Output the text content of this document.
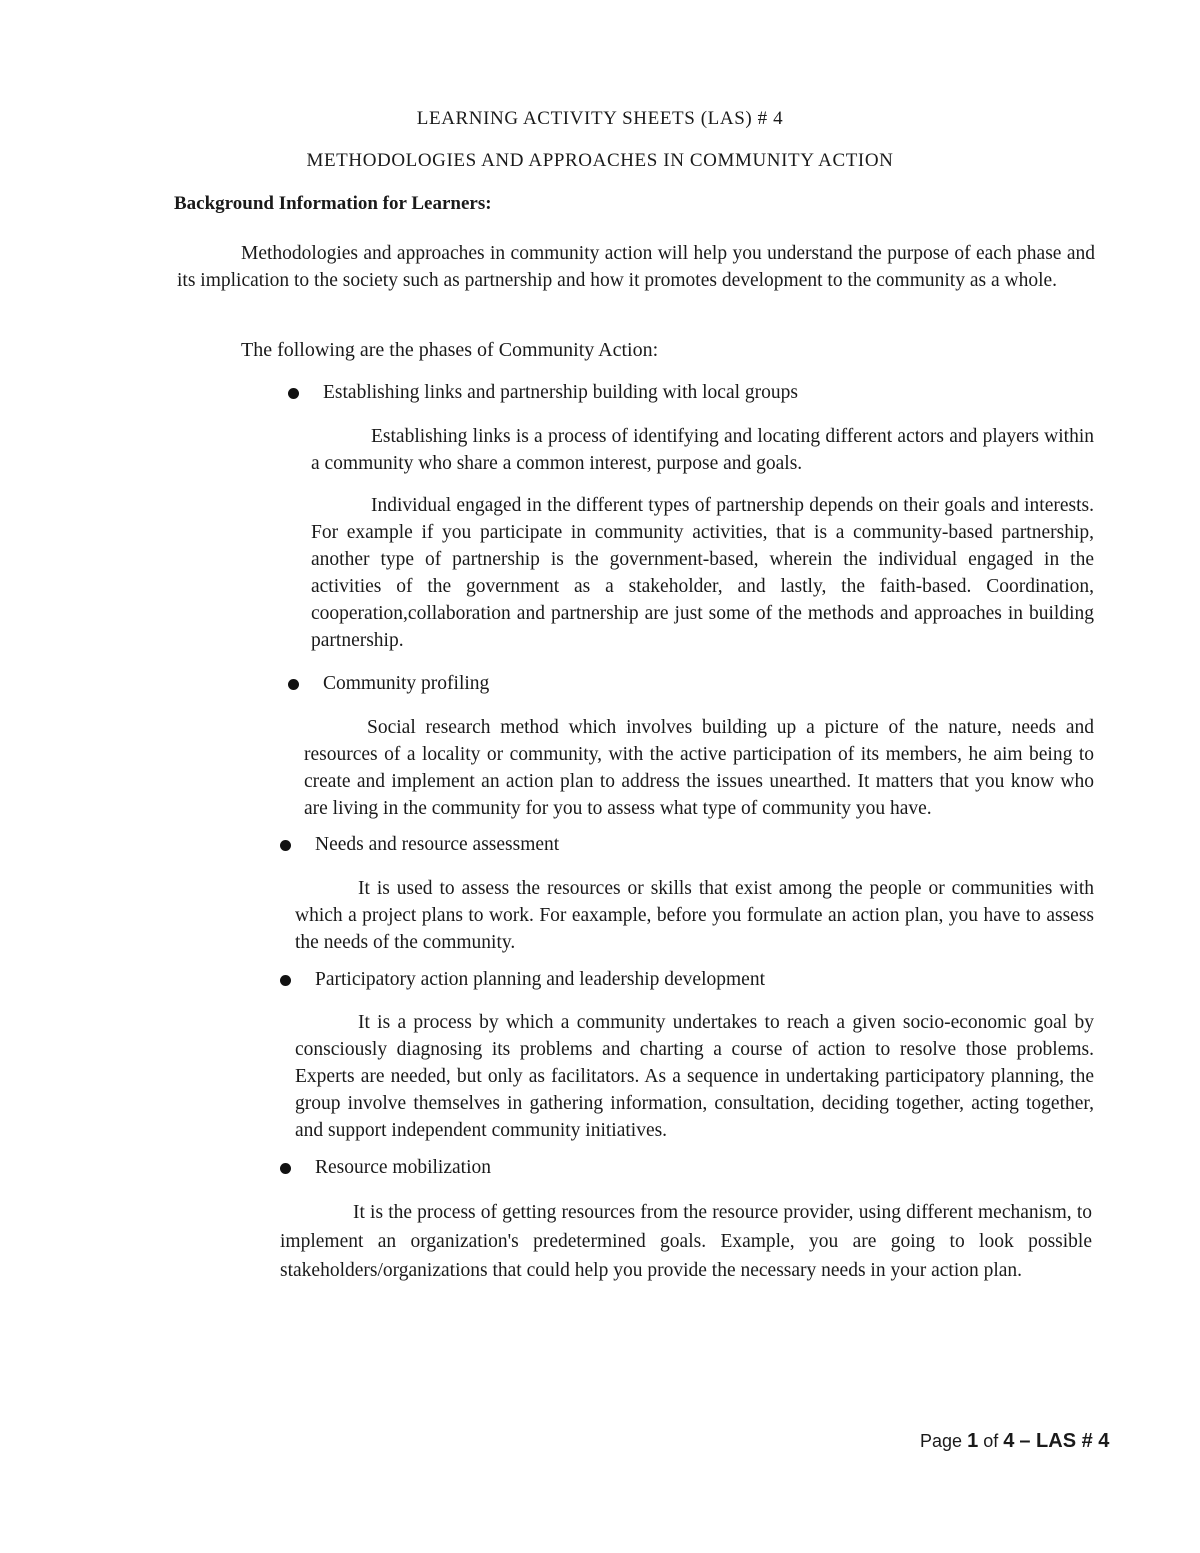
LEARNING ACTIVITY SHEETS (LAS) # 4
METHODOLOGIES AND APPROACHES IN COMMUNITY ACTION

Background Information for Learners:

Methodologies and approaches in community action will help you understand the purpose of each phase and its implication to the society such as partnership and how it promotes development to the community as a whole.

The following are the phases of Community Action:

Establishing links and partnership building with local groups

Establishing links is a process of identifying and locating different actors and players within a community who share a common interest, purpose and goals.

Individual engaged in the different types of partnership depends on their goals and interests. For example if you participate in community activities, that is a community-based partnership, another type of partnership is the government-based, wherein the individual engaged in the activities of the government as a stakeholder, and lastly, the faith-based. Coordination, cooperation,collaboration and partnership are just some of the methods and approaches in building partnership.

Community profiling

Social research method which involves building up a picture of the nature, needs and resources of a locality or community, with the active participation of its members, he aim being to create and implement an action plan to address the issues unearthed. It matters that you know who are living in the community for you to assess what type of community you have.

Needs and resource assessment

It is used to assess the resources or skills that exist among the people or communities with which a project plans to work. For eaxample, before you formulate an action plan, you have to assess the needs of the community.

Participatory action planning and leadership development

It is a process by which a community undertakes to reach a given socio-economic goal by consciously diagnosing its problems and charting a course of action to resolve those problems. Experts are needed, but only as facilitators. As a sequence in undertaking participatory planning, the group involve themselves in gathering information, consultation, deciding together, acting together, and support independent community initiatives.

Resource mobilization

It is the process of getting resources from the resource provider, using different mechanism, to implement an organization's predetermined goals. Example, you are going to look possible stakeholders/organizations that could help you provide the necessary needs in your action plan.

Page 1 of 4 – LAS # 4
